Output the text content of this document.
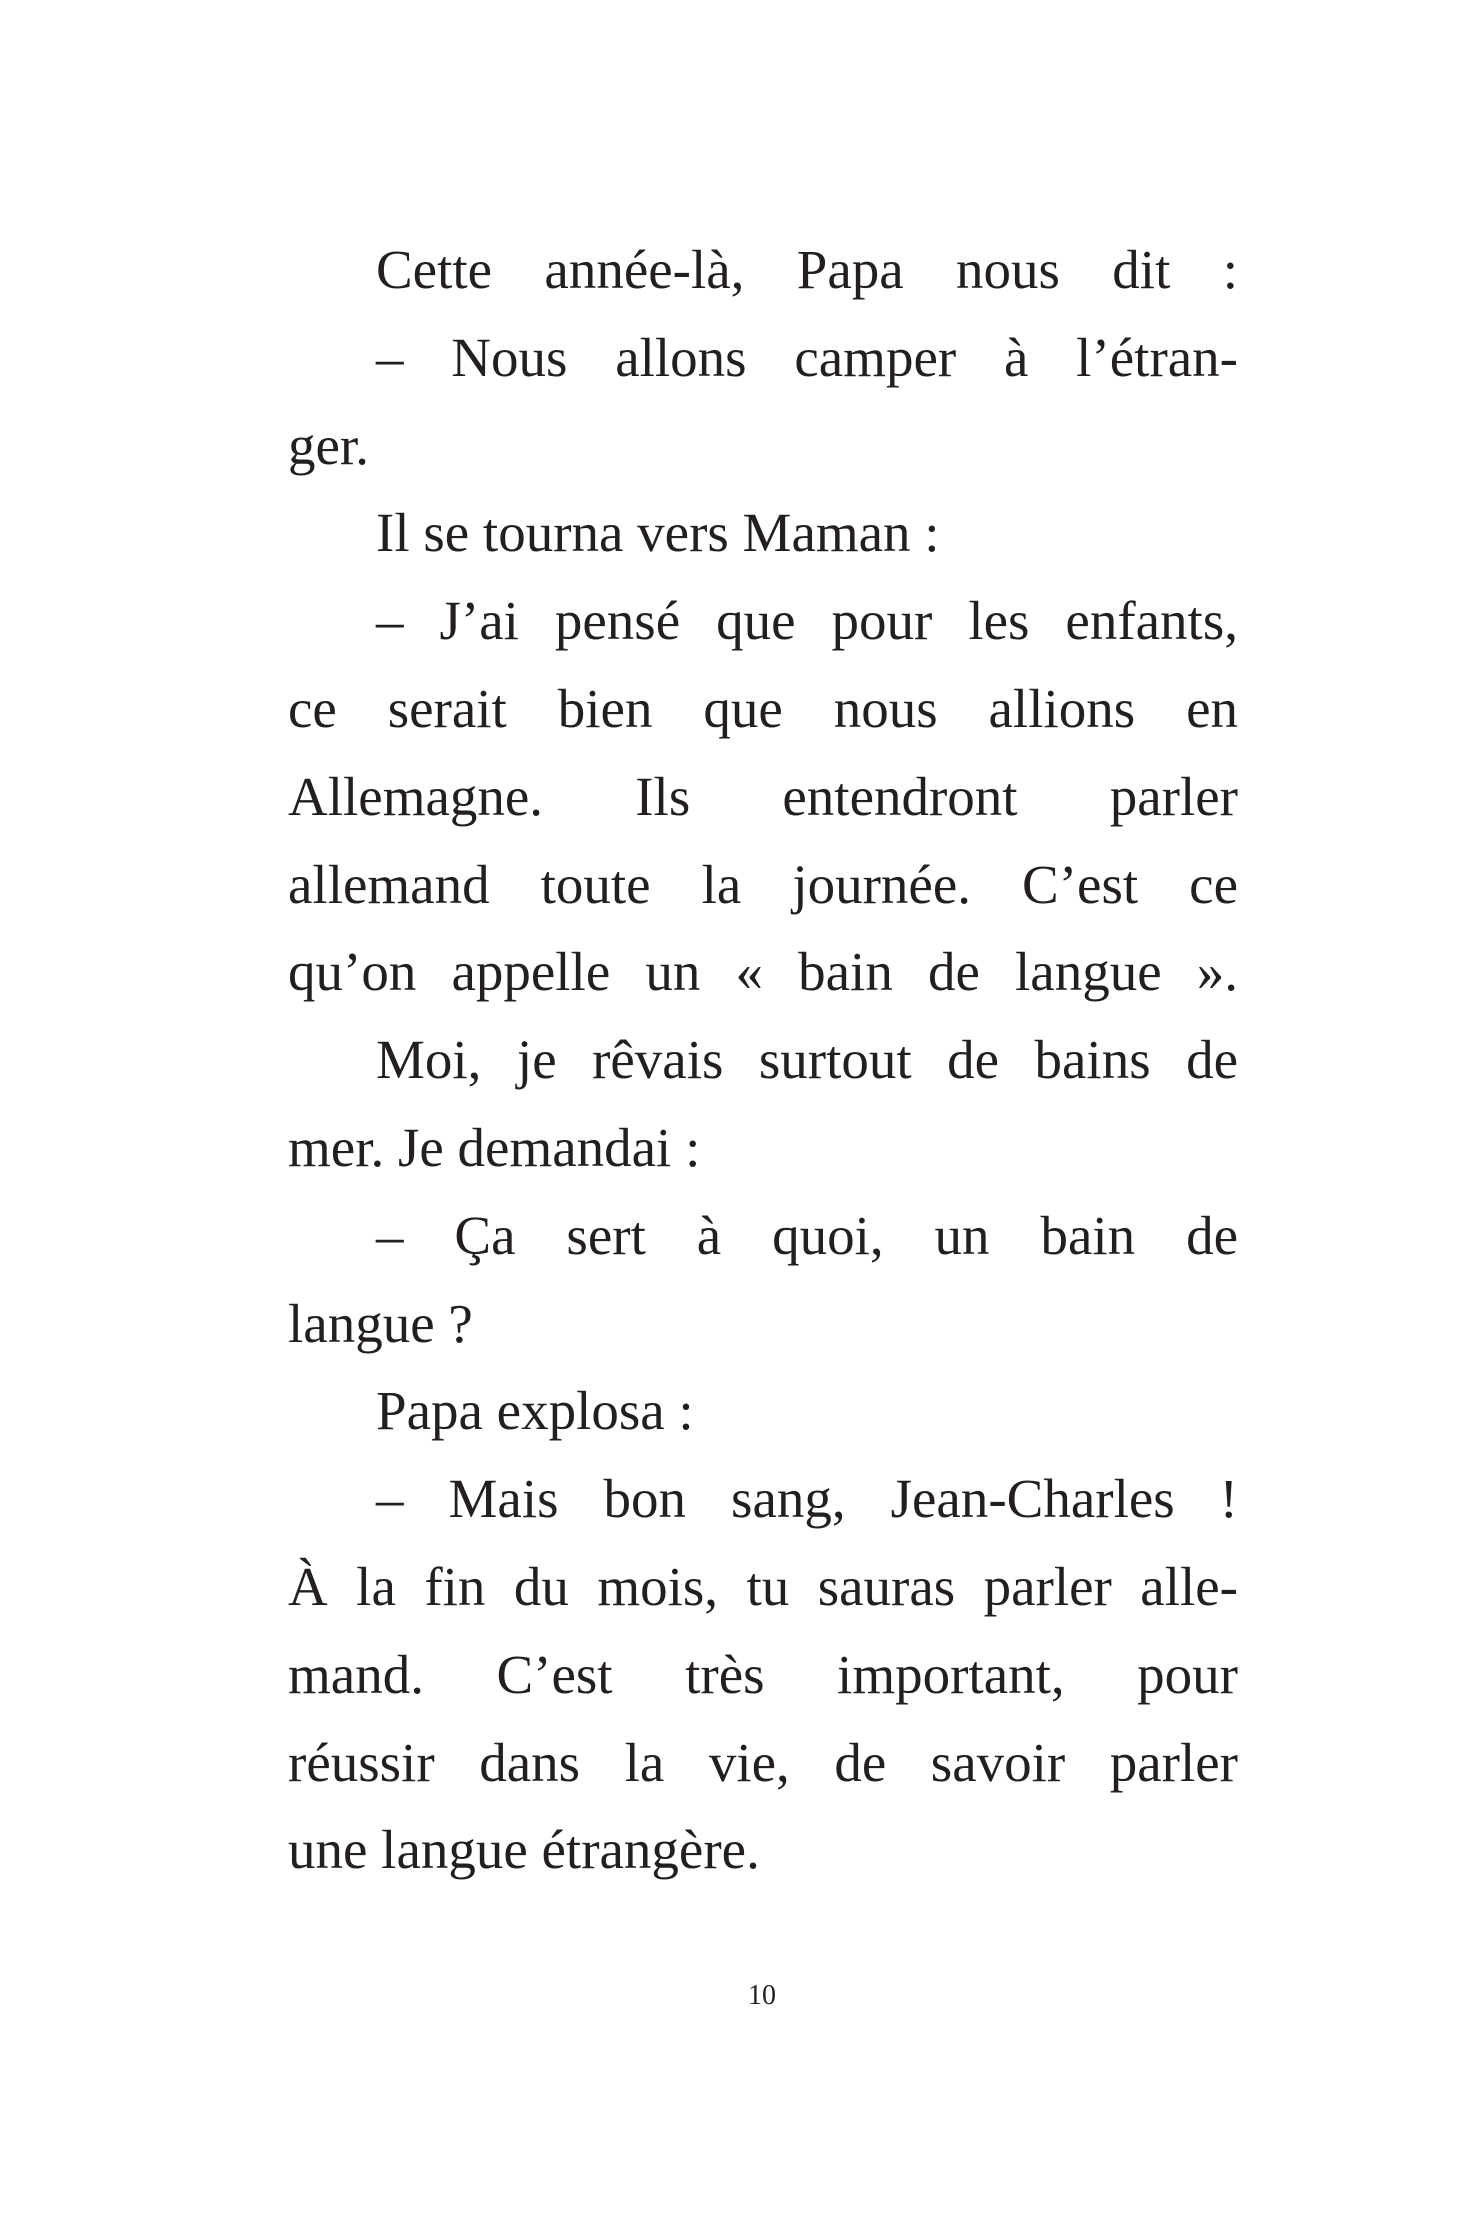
Cette année-là, Papa nous dit :
– Nous allons camper à l’étran-
ger.
Il se tourna vers Maman :
– J’ai pensé que pour les enfants,
ce serait bien que nous allions en
Allemagne. Ils entendront parler
allemand toute la journée. C’est ce
qu’on appelle un « bain de langue ».
Moi, je rêvais surtout de bains de
mer. Je demandai :
– Ça sert à quoi, un bain de
langue ?
Papa explosa :
– Mais bon sang, Jean-Charles !
À la fin du mois, tu sauras parler alle-
mand. C’est très important, pour
réussir dans la vie, de savoir parler
une langue étrangère.
10
